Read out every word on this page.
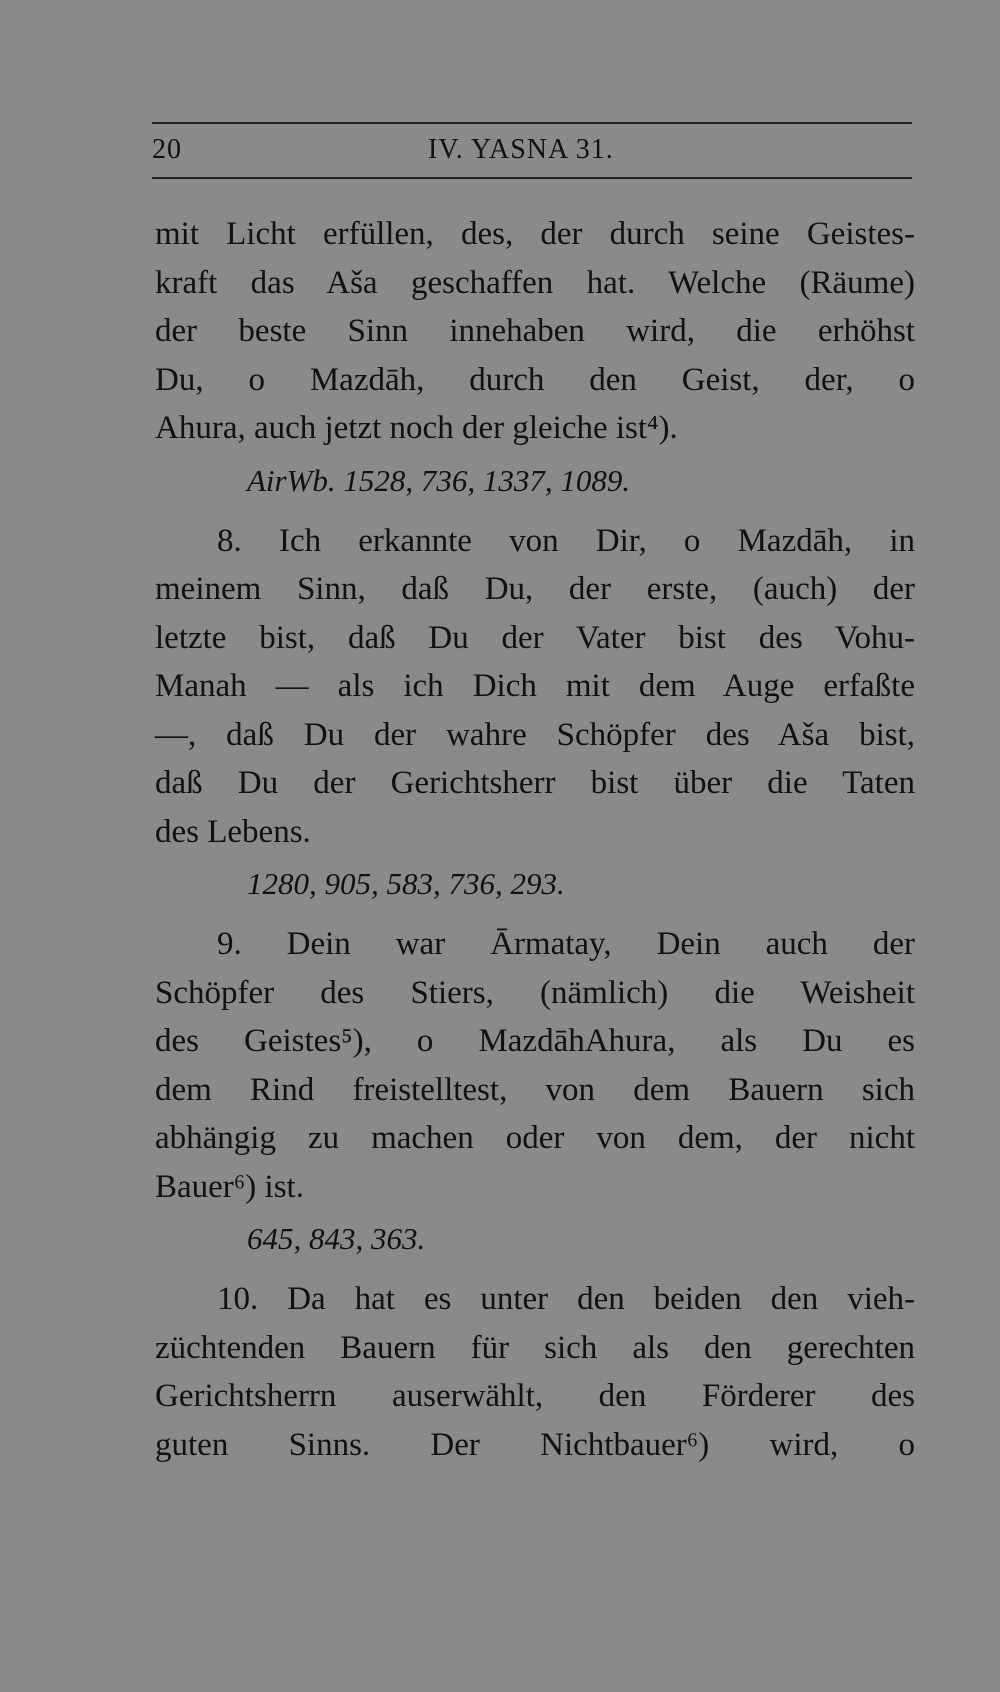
20	IV. YASNA 31.
mit Licht erfüllen, des, der durch seine Geistes-
kraft das Aša geschaffen hat. Welche (Räume)
der beste Sinn innehaben wird, die erhöhst
Du, o Mazdāh, durch den Geist, der, o
Ahura, auch jetzt noch der gleiche ist⁴).
AirWb. 1528, 736, 1337, 1089.
8. Ich erkannte von Dir, o Mazdāh, in
meinem Sinn, daß Du, der erste, (auch) der
letzte bist, daß Du der Vater bist des Vohu-
Manah — als ich Dich mit dem Auge erfaßte
—, daß Du der wahre Schöpfer des Aša bist,
daß Du der Gerichtsherr bist über die Taten
des Lebens.
1280, 905, 583, 736, 293.
9. Dein war Ārmatay, Dein auch der
Schöpfer des Stiers, (nämlich) die Weisheit
des Geistes⁵), o MazdāhAhura, als Du es
dem Rind freistelltest, von dem Bauern sich
abhängig zu machen oder von dem, der nicht
Bauer⁶) ist.
645, 843, 363.
10. Da hat es unter den beiden den vieh-
züchtenden Bauern für sich als den gerechten
Gerichtsherrn auserwählt, den Förderer des
guten Sinns. Der Nichtbauer⁶) wird, o
